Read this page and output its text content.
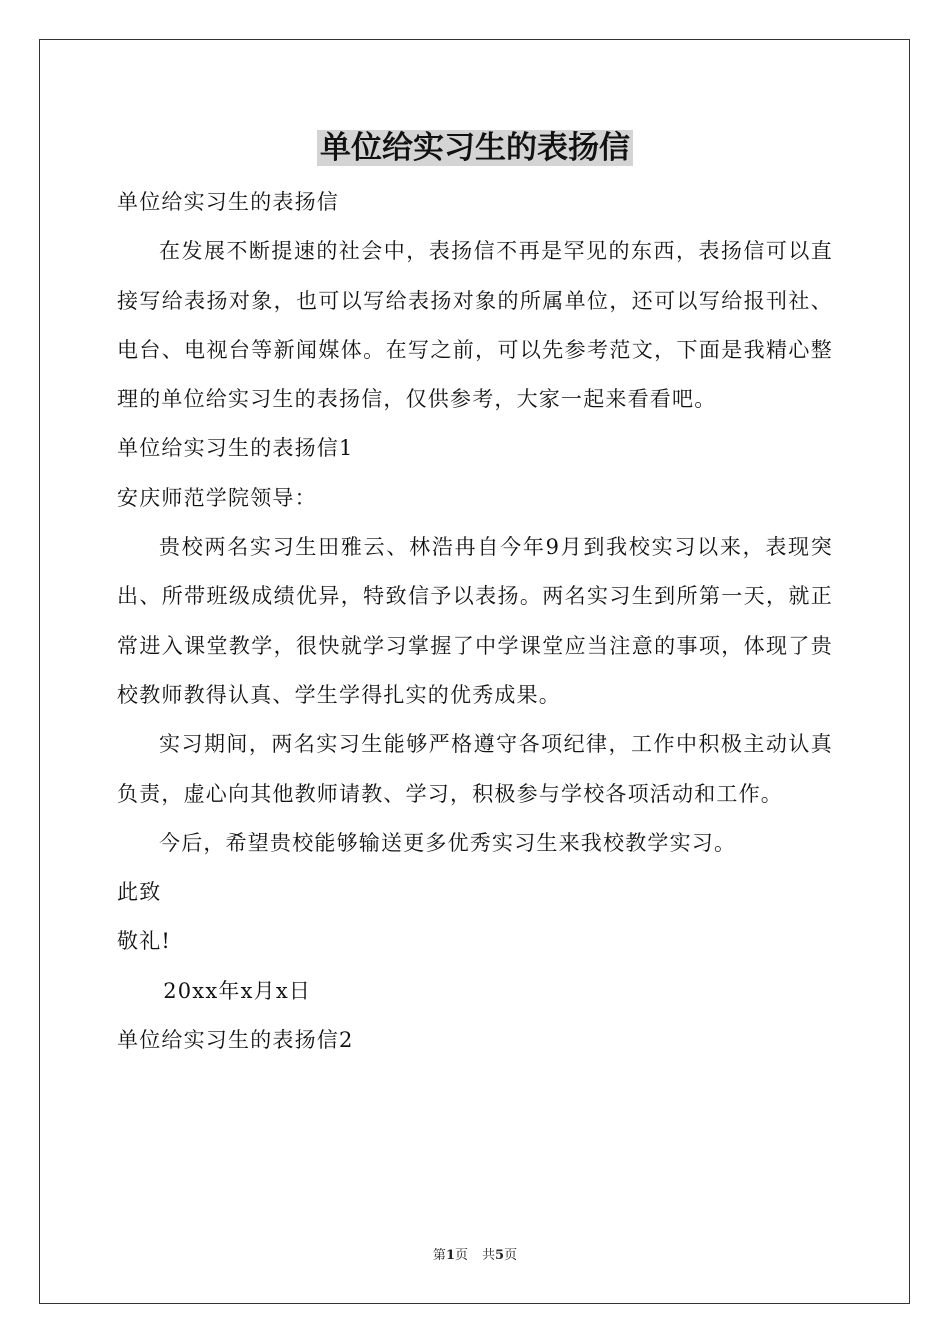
单位给实习生的表扬信

单位给实习生的表扬信

在发展不断提速的社会中，表扬信不再是罕见的东西，表扬信可以直接写给表扬对象，也可以写给表扬对象的所属单位，还可以写给报刊社、电台、电视台等新闻媒体。在写之前，可以先参考范文，下面是我精心整理的单位给实习生的表扬信，仅供参考，大家一起来看看吧。

单位给实习生的表扬信1

安庆师范学院领导：

贵校两名实习生田雅云、林浩冉自今年9月到我校实习以来，表现突出、所带班级成绩优异，特致信予以表扬。两名实习生到所第一天，就正常进入课堂教学，很快就学习掌握了中学课堂应当注意的事项，体现了贵校教师教得认真、学生学得扎实的优秀成果。

实习期间，两名实习生能够严格遵守各项纪律，工作中积极主动认真负责，虚心向其他教师请教、学习，积极参与学校各项活动和工作。

今后，希望贵校能够输送更多优秀实习生来我校教学实习。

此致

敬礼!

20xx年x月x日

单位给实习生的表扬信2

第1页 共5页
